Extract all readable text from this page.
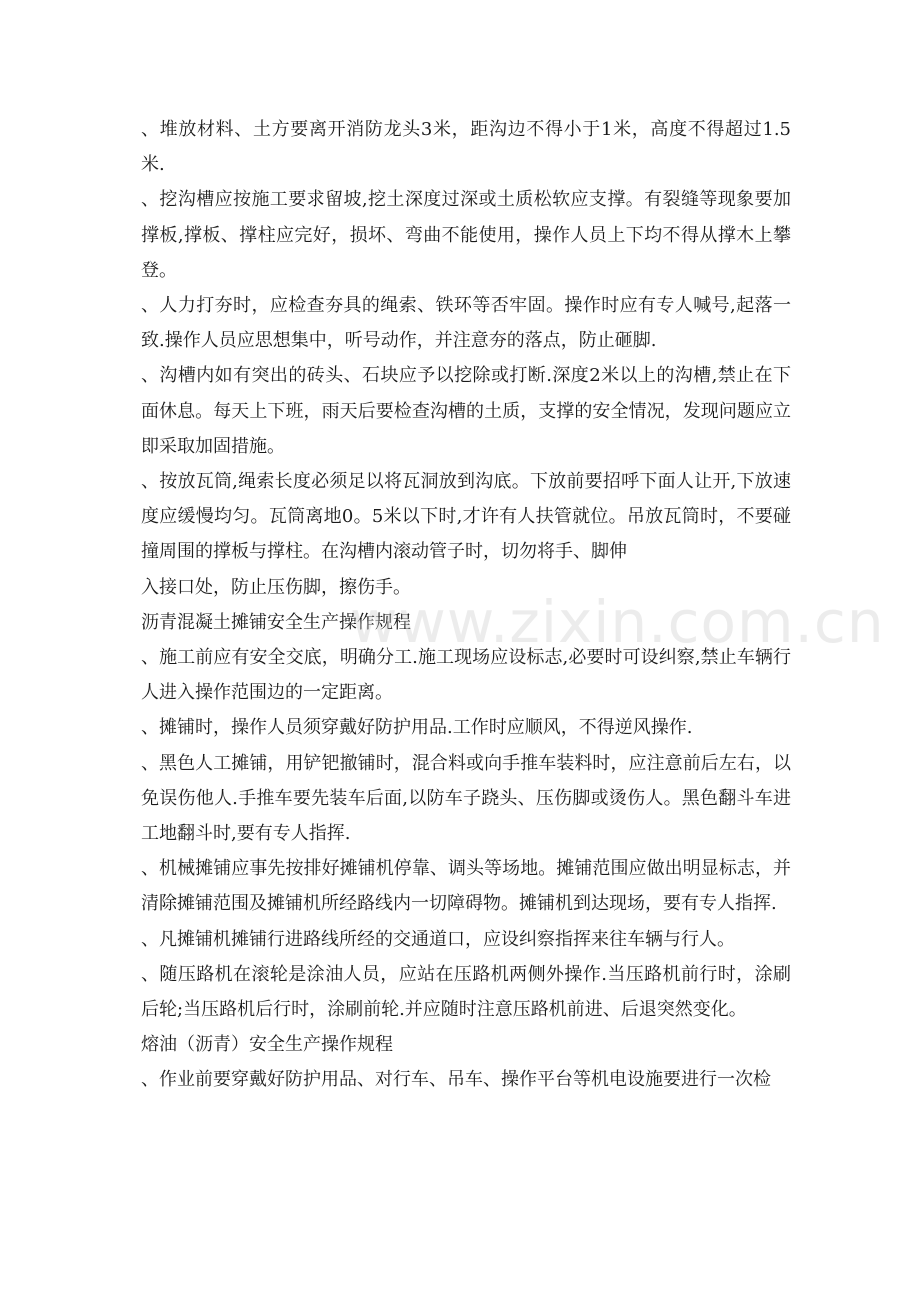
、堆放材料、土方要离开消防龙头3米，距沟边不得小于1米，高度不得超过1.5米.

、挖沟槽应按施工要求留坡,挖土深度过深或土质松软应支撑。有裂缝等现象要加撑板,撑板、撑柱应完好，损坏、弯曲不能使用，操作人员上下均不得从撑木上攀登。

、人力打夯时，应检查夯具的绳索、铁环等否牢固。操作时应有专人喊号,起落一致.操作人员应思想集中，听号动作，并注意夯的落点，防止砸脚.

、沟槽内如有突出的砖头、石块应予以挖除或打断.深度2米以上的沟槽,禁止在下面休息。每天上下班，雨天后要检查沟槽的土质，支撑的安全情况，发现问题应立即采取加固措施。

、按放瓦筒,绳索长度必须足以将瓦洞放到沟底。下放前要招呼下面人让开,下放速度应缓慢均匀。瓦筒离地0。5米以下时,才许有人扶管就位。吊放瓦筒时，不要碰撞周围的撑板与撑柱。在沟槽内滚动管子时，切勿将手、脚伸

入接口处，防止压伤脚，擦伤手。

沥青混凝土摊铺安全生产操作规程

、施工前应有安全交底，明确分工.施工现场应设标志,必要时可设纠察,禁止车辆行人进入操作范围边的一定距离。

、摊铺时，操作人员须穿戴好防护用品.工作时应顺风，不得逆风操作.

、黑色人工摊铺，用铲钯撤铺时，混合料或向手推车装料时，应注意前后左右，以免误伤他人.手推车要先装车后面,以防车子跷头、压伤脚或烫伤人。黑色翻斗车进工地翻斗时,要有专人指挥.

、机械摊铺应事先按排好摊铺机停靠、调头等场地。摊铺范围应做出明显标志，并清除摊铺范围及摊铺机所经路线内一切障碍物。摊铺机到达现场，要有专人指挥.

、凡摊铺机摊铺行进路线所经的交通道口，应设纠察指挥来往车辆与行人。

、随压路机在滚轮是涂油人员，应站在压路机两侧外操作.当压路机前行时，涂刷后轮;当压路机后行时，涂刷前轮.并应随时注意压路机前进、后退突然变化。

熔油（沥青）安全生产操作规程

、作业前要穿戴好防护用品、对行车、吊车、操作平台等机电设施要进行一次检

www.zixin.com.cn
